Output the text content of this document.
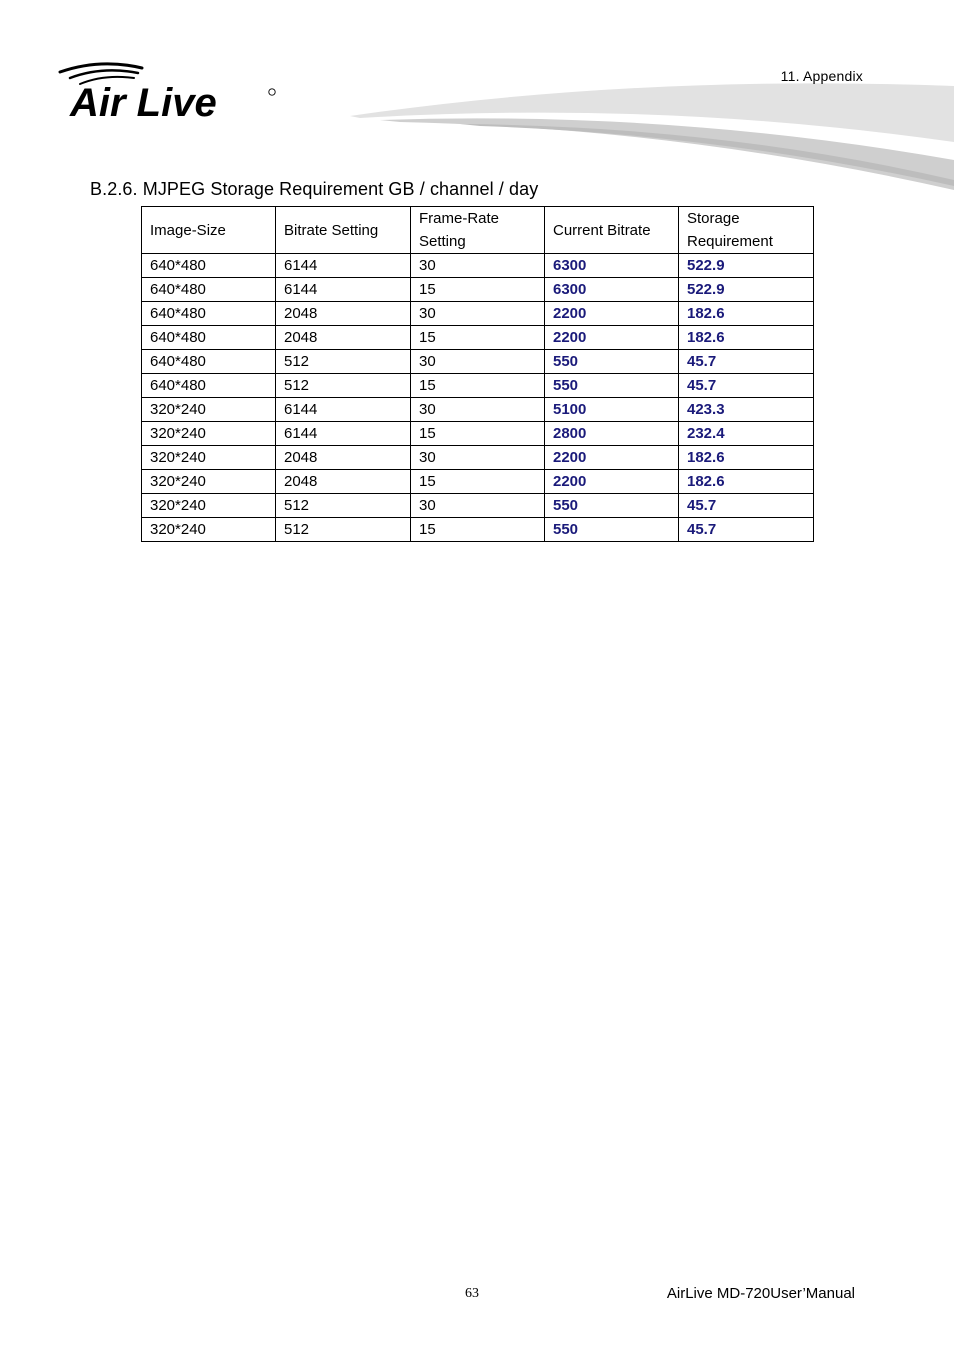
Air Live
11. Appendix
B.2.6. MJPEG Storage Requirement GB / channel / day
Image-Size	Bitrate Setting	Frame-Rate Setting	Current Bitrate	Storage Requirement
640*480	6144	30	6300	522.9
640*480	6144	15	6300	522.9
640*480	2048	30	2200	182.6
640*480	2048	15	2200	182.6
640*480	512	30	550	45.7
640*480	512	15	550	45.7
320*240	6144	30	5100	423.3
320*240	6144	15	2800	232.4
320*240	2048	30	2200	182.6
320*240	2048	15	2200	182.6
320*240	512	30	550	45.7
320*240	512	15	550	45.7
63	AirLive MD-720User’Manual
